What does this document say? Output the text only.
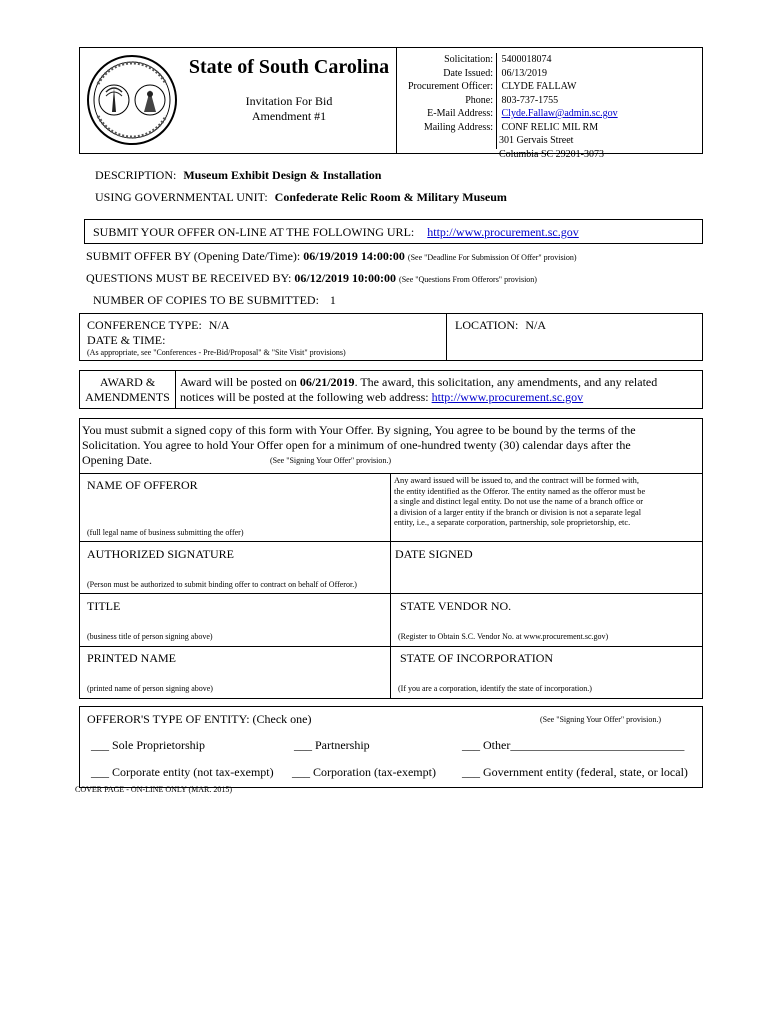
State of South Carolina
Invitation For Bid
Amendment #1
Solicitation: 5400018074
Date Issued: 06/13/2019
Procurement Officer: CLYDE FALLAW
Phone: 803-737-1755
E-Mail Address: Clyde.Fallaw@admin.sc.gov
Mailing Address: CONF RELIC MIL RM
301 Gervais Street
Columbia SC 29201-3073
DESCRIPTION: Museum Exhibit Design & Installation
USING GOVERNMENTAL UNIT: Confederate Relic Room & Military Museum
SUBMIT YOUR OFFER ON-LINE AT THE FOLLOWING URL: http://www.procurement.sc.gov
SUBMIT OFFER BY (Opening Date/Time): 06/19/2019 14:00:00 (See "Deadline For Submission Of Offer" provision)
QUESTIONS MUST BE RECEIVED BY: 06/12/2019 10:00:00 (See "Questions From Offerors" provision)
NUMBER OF COPIES TO BE SUBMITTED: 1
CONFERENCE TYPE: N/A
DATE & TIME:
(As appropriate, see "Conferences - Pre-Bid/Proposal" & "Site Visit" provisions)
LOCATION: N/A
AWARD &
AMENDMENTS
Award will be posted on 06/21/2019. The award, this solicitation, any amendments, and any related
notices will be posted at the following web address: http://www.procurement.sc.gov
You must submit a signed copy of this form with Your Offer. By signing, You agree to be bound by the terms of the
Solicitation. You agree to hold Your Offer open for a minimum of one-hundred twenty (30) calendar days after the
Opening Date.	(See "Signing Your Offer" provision.)
NAME OF OFFEROR
(full legal name of business submitting the offer)
Any award issued will be issued to, and the contract will be formed with,
the entity identified as the Offeror. The entity named as the offeror must be
a single and distinct legal entity. Do not use the name of a branch office or
a division of a larger entity if the branch or division is not a separate legal
entity, i.e., a separate corporation, partnership, sole proprietorship, etc.
AUTHORIZED SIGNATURE
(Person must be authorized to submit binding offer to contract on behalf of Offeror.)
DATE SIGNED
TITLE
(business title of person signing above)
STATE VENDOR NO.
(Register to Obtain S.C. Vendor No. at www.procurement.sc.gov)
PRINTED NAME
(printed name of person signing above)
STATE OF INCORPORATION
(If you are a corporation, identify the state of incorporation.)
OFFEROR'S TYPE OF ENTITY: (Check one)	(See "Signing Your Offer" provision.)
___ Sole Proprietorship	___ Partnership	___ Other_____________________________
___ Corporate entity (not tax-exempt) ___ Corporation (tax-exempt) ___ Government entity (federal, state, or local)
COVER PAGE - ON-LINE ONLY (MAR. 2015)
